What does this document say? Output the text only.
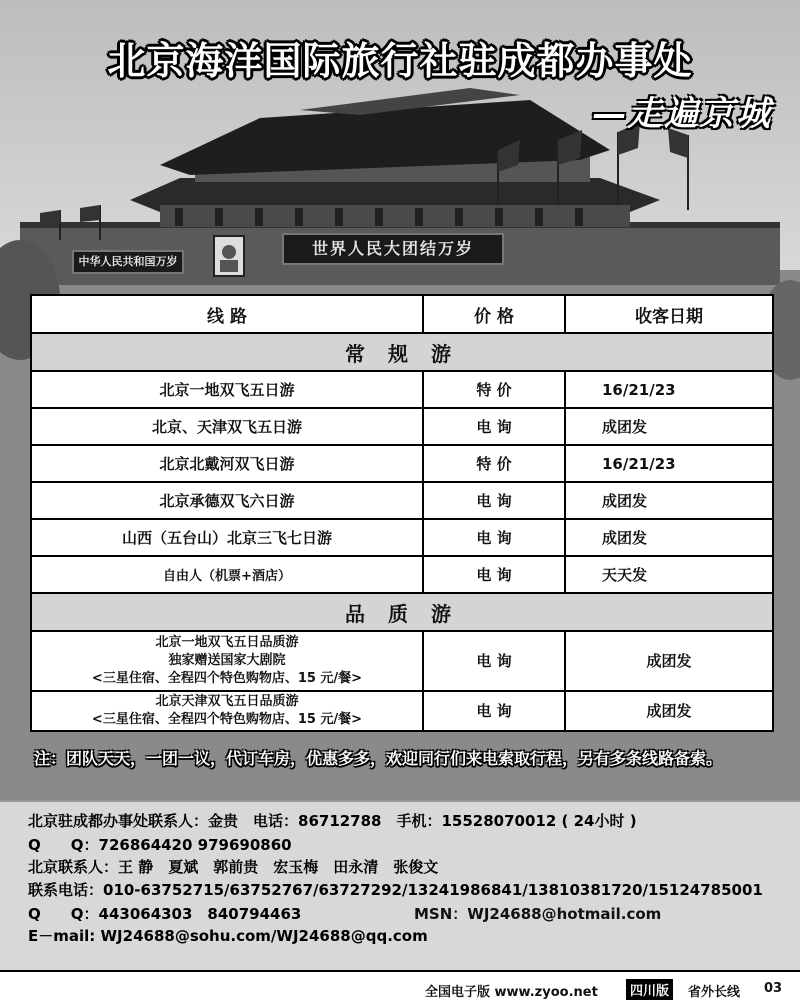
北京海洋国际旅行社驻成都办事处
—走遍京城
中华人民共和国万岁
世界人民大团结万岁
线 路	价 格	收客日期
常 规 游		
北京一地双飞五日游	特 价	16/21/23
北京、天津双飞五日游	电 询	成团发
北京北戴河双飞日游	特 价	16/21/23
北京承德双飞六日游	电 询	成团发
山西（五台山）北京三飞七日游	电 询	成团发
自由人（机票+酒店）	电 询	天天发
品 质 游		

北京一地双飞五日品质游
独家赠送国家大剧院
<三星住宿、全程四个特色购物店、15 元/餐>	电 询	成团发

北京天津双飞五日品质游
<三星住宿、全程四个特色购物店、15 元/餐>	电 询	成团发
注：团队天天，一团一议，代订车房，优惠多多，欢迎同行们来电索取行程，另有多条线路备索。
北京驻成都办事处联系人：金贵　电话：86712788　手机：15528070012 ( 24小时 )
Q　　Q：726864420 979690860
北京联系人：王 静　夏斌　郭前贵　宏玉梅　田永清　张俊文
联系电话：010-63752715/63752767/63727292/13241986841/13810381720/15124785001
Q　　Q：443064303　840794463	MSN：WJ24688@hotmail.com
E－mail: WJ24688@sohu.com/WJ24688@qq.com
全国电子版 www.zyoo.net	四川版	省外长线 03
